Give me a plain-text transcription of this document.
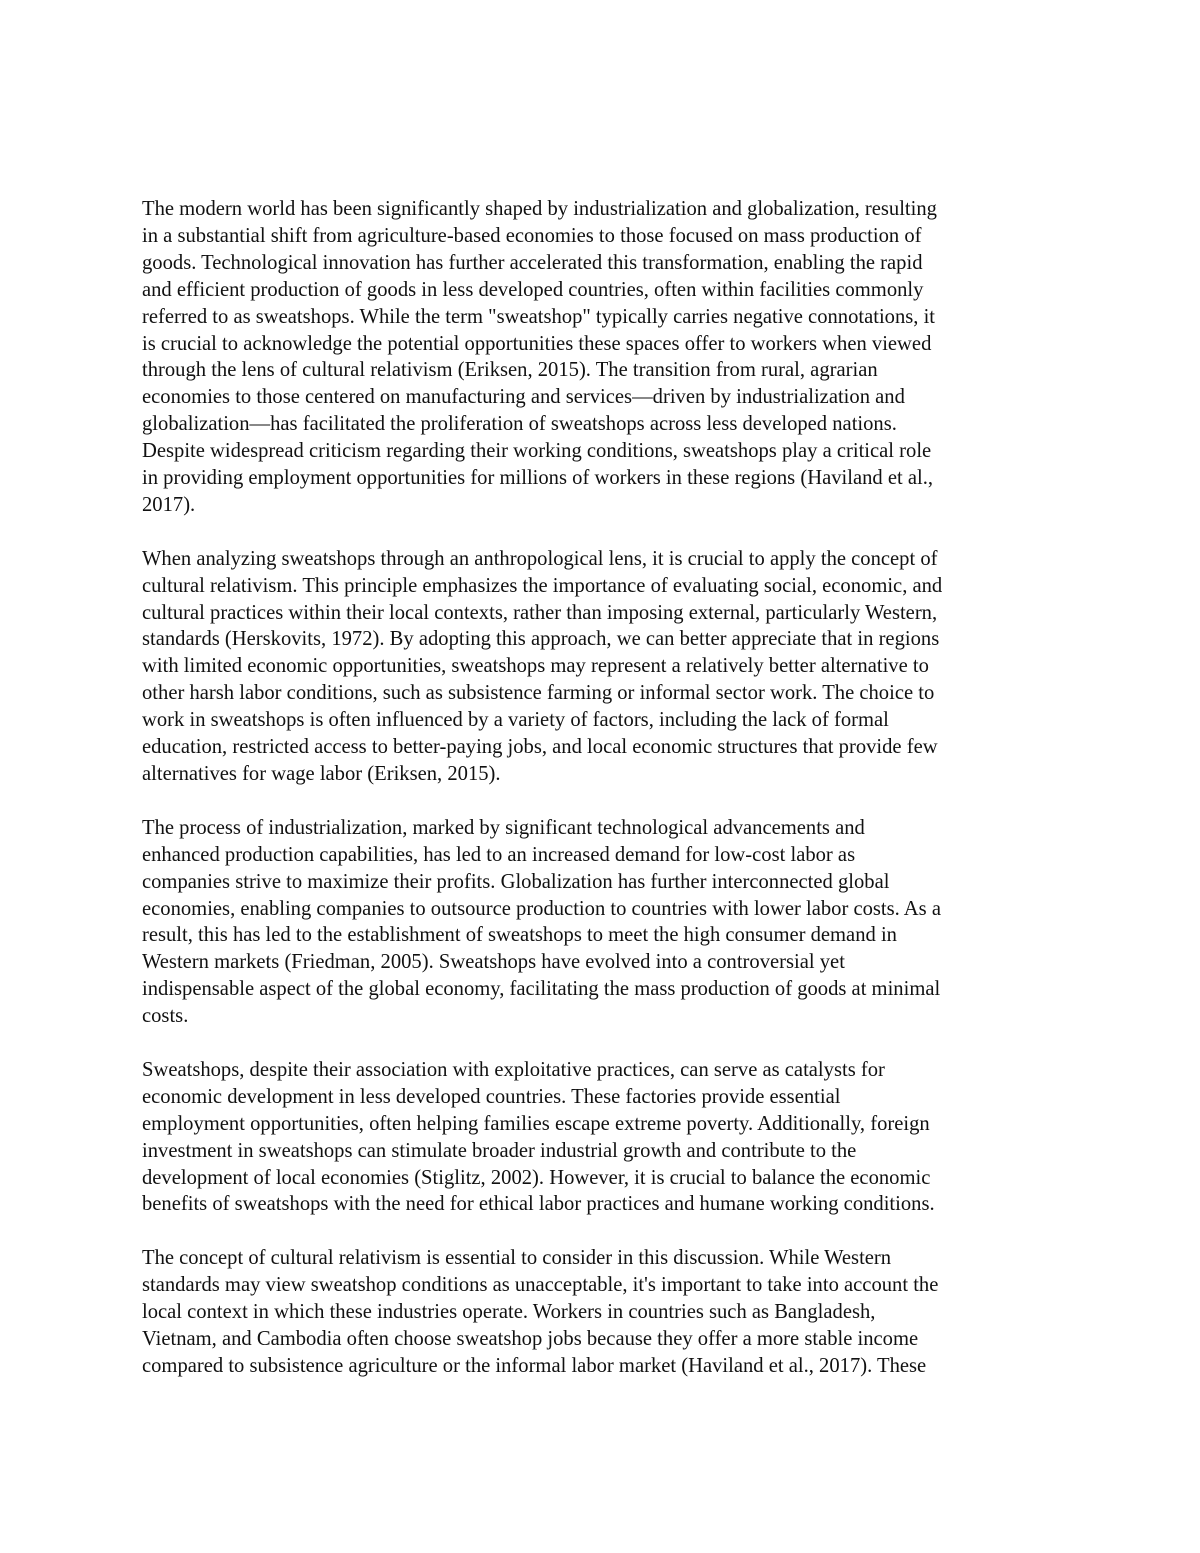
The modern world has been significantly shaped by industrialization and globalization, resulting
in a substantial shift from agriculture-based economies to those focused on mass production of
goods. Technological innovation has further accelerated this transformation, enabling the rapid
and efficient production of goods in less developed countries, often within facilities commonly
referred to as sweatshops. While the term "sweatshop" typically carries negative connotations, it
is crucial to acknowledge the potential opportunities these spaces offer to workers when viewed
through the lens of cultural relativism (Eriksen, 2015). The transition from rural, agrarian
economies to those centered on manufacturing and services—driven by industrialization and
globalization—has facilitated the proliferation of sweatshops across less developed nations.
Despite widespread criticism regarding their working conditions, sweatshops play a critical role
in providing employment opportunities for millions of workers in these regions (Haviland et al.,
2017).

When analyzing sweatshops through an anthropological lens, it is crucial to apply the concept of
cultural relativism. This principle emphasizes the importance of evaluating social, economic, and
cultural practices within their local contexts, rather than imposing external, particularly Western,
standards (Herskovits, 1972). By adopting this approach, we can better appreciate that in regions
with limited economic opportunities, sweatshops may represent a relatively better alternative to
other harsh labor conditions, such as subsistence farming or informal sector work. The choice to
work in sweatshops is often influenced by a variety of factors, including the lack of formal
education, restricted access to better-paying jobs, and local economic structures that provide few
alternatives for wage labor (Eriksen, 2015).

The process of industrialization, marked by significant technological advancements and
enhanced production capabilities, has led to an increased demand for low-cost labor as
companies strive to maximize their profits. Globalization has further interconnected global
economies, enabling companies to outsource production to countries with lower labor costs. As a
result, this has led to the establishment of sweatshops to meet the high consumer demand in
Western markets (Friedman, 2005). Sweatshops have evolved into a controversial yet
indispensable aspect of the global economy, facilitating the mass production of goods at minimal
costs.

Sweatshops, despite their association with exploitative practices, can serve as catalysts for
economic development in less developed countries. These factories provide essential
employment opportunities, often helping families escape extreme poverty. Additionally, foreign
investment in sweatshops can stimulate broader industrial growth and contribute to the
development of local economies (Stiglitz, 2002). However, it is crucial to balance the economic
benefits of sweatshops with the need for ethical labor practices and humane working conditions.

The concept of cultural relativism is essential to consider in this discussion. While Western
standards may view sweatshop conditions as unacceptable, it's important to take into account the
local context in which these industries operate. Workers in countries such as Bangladesh,
Vietnam, and Cambodia often choose sweatshop jobs because they offer a more stable income
compared to subsistence agriculture or the informal labor market (Haviland et al., 2017). These
